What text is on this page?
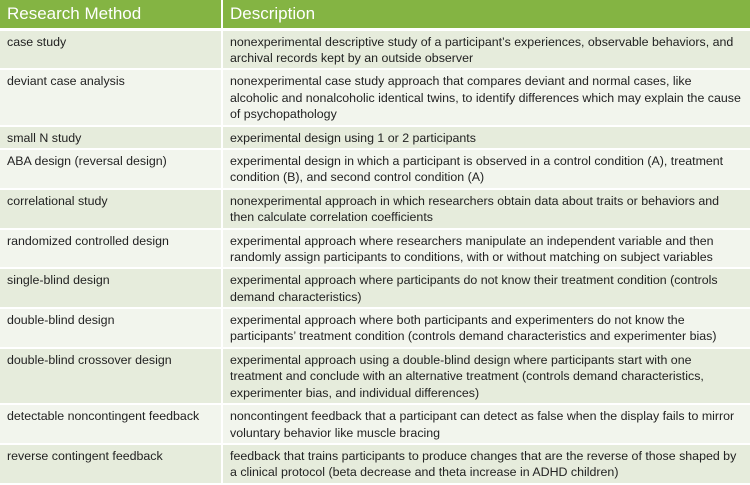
Research Method	Description
case study	nonexperimental descriptive study of a participant’s experiences, observable behaviors, and archival records kept by an outside observer
deviant case analysis	nonexperimental case study approach that compares deviant and normal cases, like alcoholic and nonalcoholic identical twins, to identify differences which may explain the cause of psychopathology
small N study	experimental design using 1 or 2 participants
ABA design (reversal design)	experimental design in which a participant is observed in a control condition (A), treatment condition (B), and second control condition (A)
correlational study	nonexperimental approach in which researchers obtain data about traits or behaviors and then calculate correlation coefficients
randomized controlled design	experimental approach where researchers manipulate an independent variable and then randomly assign participants to conditions, with or without matching on subject variables
single-blind design	experimental approach where participants do not know their treatment condition (controls demand characteristics)
double-blind design	experimental approach where both participants and experimenters do not know the participants’ treatment condition (controls demand characteristics and experimenter bias)
double-blind crossover design	experimental approach using a double-blind design where participants start with one treatment and conclude with an alternative treatment (controls demand characteristics, experimenter bias, and individual differences)
detectable noncontingent feedback	noncontingent feedback that a participant can detect as false when the display fails to mirror voluntary behavior like muscle bracing
reverse contingent feedback	feedback that trains participants to produce changes that are the reverse of those shaped by a clinical protocol (beta decrease and theta increase in ADHD children)
